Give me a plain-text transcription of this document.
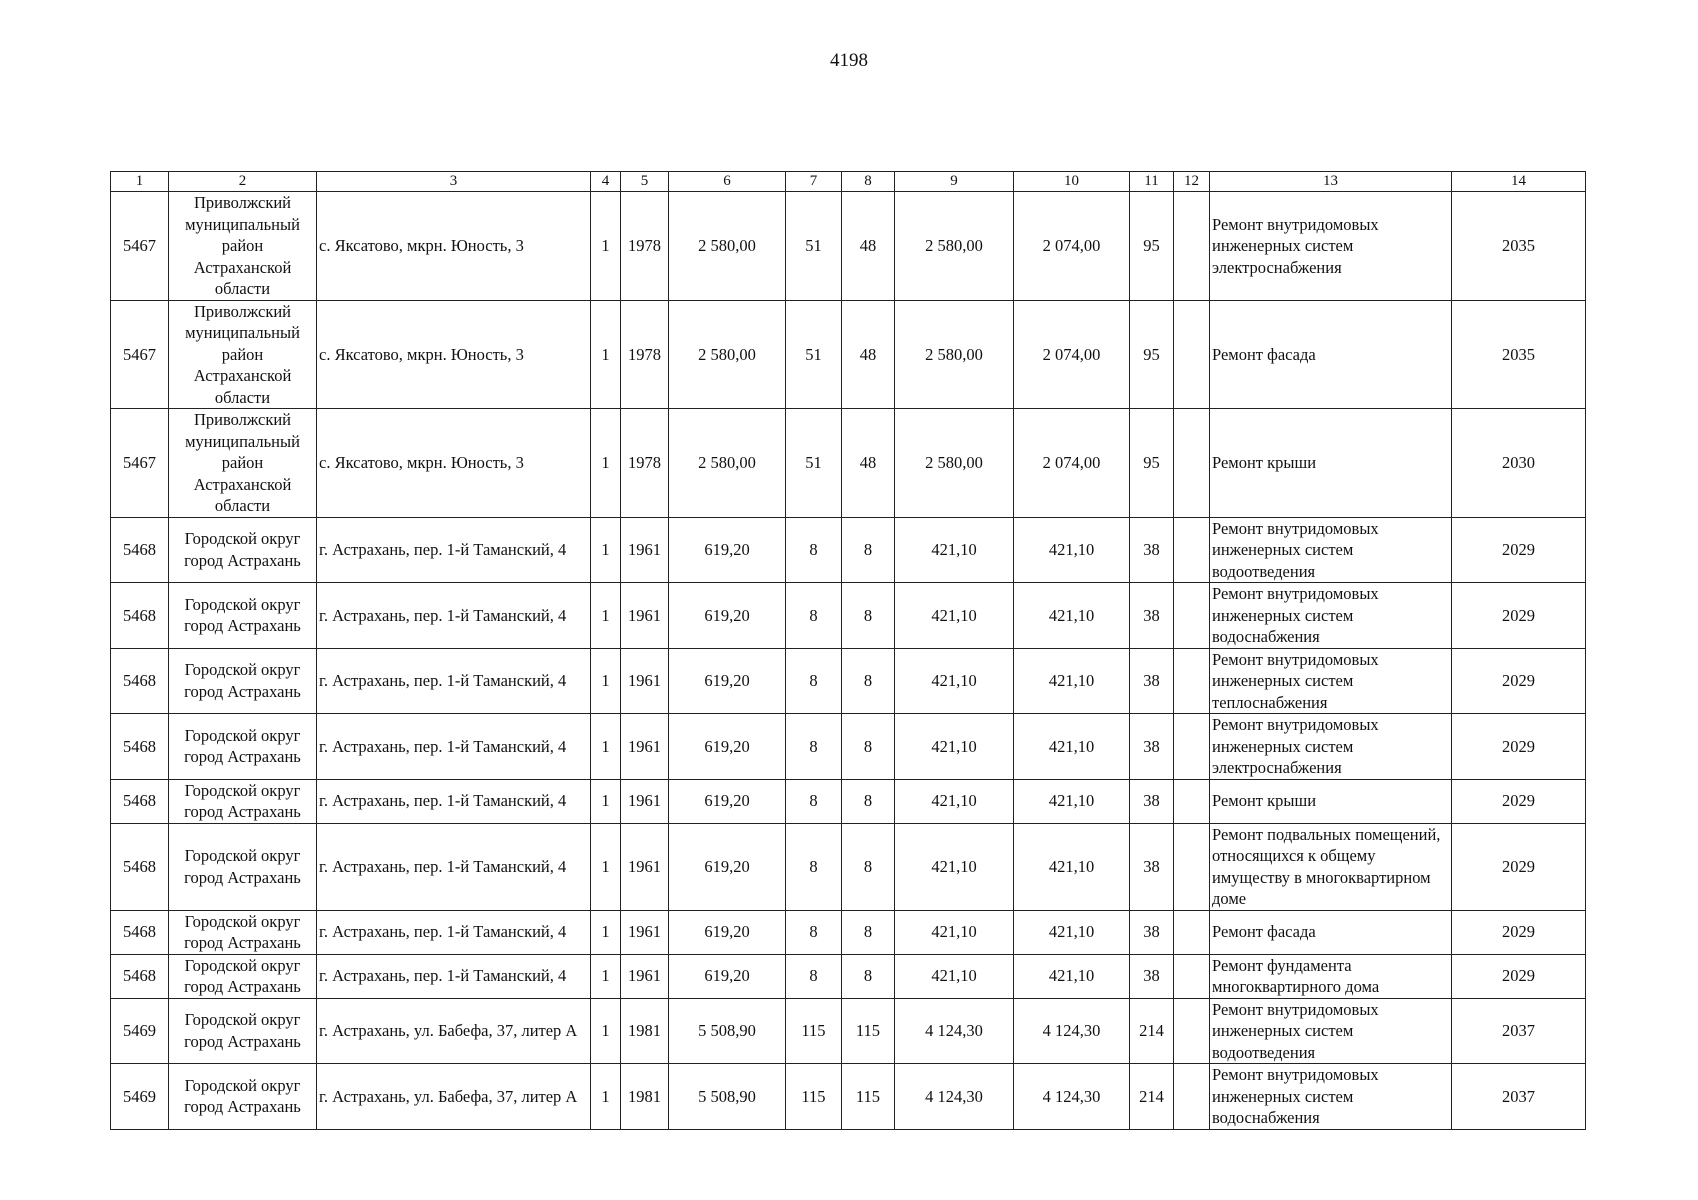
4198
1	2	3	4	5	6	7	8	9	10	11	12	13	14
5467	Приволжский муниципальный район Астраханской области	с. Яксатово, мкрн. Юность, 3	1	1978	2 580,00	51	48	2 580,00	2 074,00	95		Ремонт внутридомовых инженерных систем электроснабжения	2035
5467	Приволжский муниципальный район Астраханской области	с. Яксатово, мкрн. Юность, 3	1	1978	2 580,00	51	48	2 580,00	2 074,00	95		Ремонт фасада	2035
5467	Приволжский муниципальный район Астраханской области	с. Яксатово, мкрн. Юность, 3	1	1978	2 580,00	51	48	2 580,00	2 074,00	95		Ремонт крыши	2030
5468	Городской округ город Астрахань	г. Астрахань, пер. 1-й Таманский, 4	1	1961	619,20	8	8	421,10	421,10	38		Ремонт внутридомовых инженерных систем водоотведения	2029
5468	Городской округ город Астрахань	г. Астрахань, пер. 1-й Таманский, 4	1	1961	619,20	8	8	421,10	421,10	38		Ремонт внутридомовых инженерных систем водоснабжения	2029
5468	Городской округ город Астрахань	г. Астрахань, пер. 1-й Таманский, 4	1	1961	619,20	8	8	421,10	421,10	38		Ремонт внутридомовых инженерных систем теплоснабжения	2029
5468	Городской округ город Астрахань	г. Астрахань, пер. 1-й Таманский, 4	1	1961	619,20	8	8	421,10	421,10	38		Ремонт внутридомовых инженерных систем электроснабжения	2029
5468	Городской округ город Астрахань	г. Астрахань, пер. 1-й Таманский, 4	1	1961	619,20	8	8	421,10	421,10	38		Ремонт крыши	2029
5468	Городской округ город Астрахань	г. Астрахань, пер. 1-й Таманский, 4	1	1961	619,20	8	8	421,10	421,10	38		Ремонт подвальных помещений, относящихся к общему имуществу в многоквартирном доме	2029
5468	Городской округ город Астрахань	г. Астрахань, пер. 1-й Таманский, 4	1	1961	619,20	8	8	421,10	421,10	38		Ремонт фасада	2029
5468	Городской округ город Астрахань	г. Астрахань, пер. 1-й Таманский, 4	1	1961	619,20	8	8	421,10	421,10	38		Ремонт фундамента многоквартирного дома	2029
5469	Городской округ город Астрахань	г. Астрахань, ул. Бабефа, 37, литер А	1	1981	5 508,90	115	115	4 124,30	4 124,30	214		Ремонт внутридомовых инженерных систем водоотведения	2037
5469	Городской округ город Астрахань	г. Астрахань, ул. Бабефа, 37, литер А	1	1981	5 508,90	115	115	4 124,30	4 124,30	214		Ремонт внутридомовых инженерных систем водоснабжения	2037
